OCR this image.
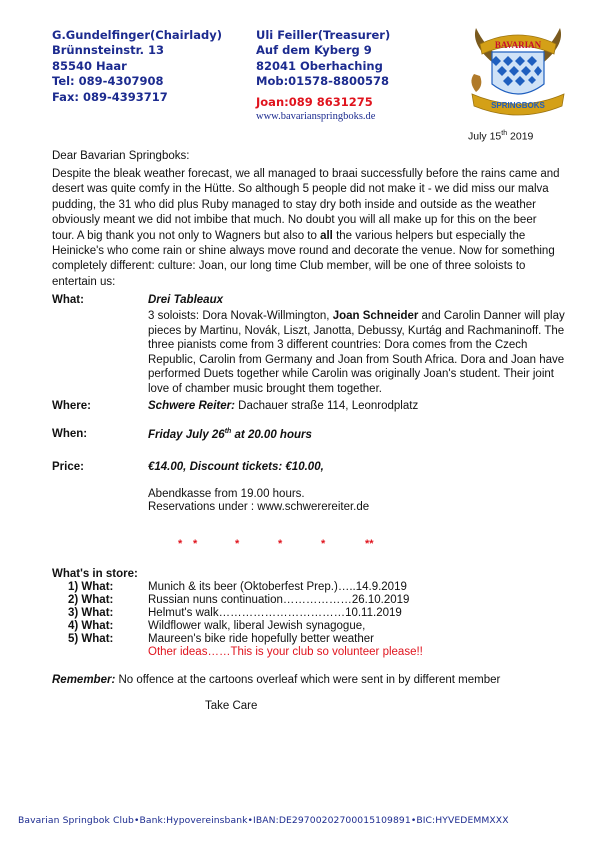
G.Gundelfinger(Chairlady)
Brünnsteinstr. 13
85540 Haar
Tel: 089-4307908
Fax: 089-4393717
Uli Feiller(Treasurer)
Auf dem Kyberg 9
82041 Oberhaching
Mob:01578-8800578
Joan:089 8631275
www.bavarianspringboks.de
BAVARIAN
SPRINGBOKS
July 15th 2019
Dear Bavarian Springboks:
Despite the bleak weather forecast, we all managed to braai successfully before the rains came and desert was quite comfy in the Hütte. So although 5 people did not make it - we did miss our malva pudding, the 31 who did plus Ruby managed to stay dry both inside and outside as the weather obviously meant we did not imbibe that much. No doubt you will all make up for this on the beer tour. A big thank you not only to Wagners but also to all the various helpers but especially the Heinicke's who come rain or shine always move round and decorate the venue. Now for something completely different: culture: Joan, our long time Club member, will be one of three soloists to entertain us:
What:	Drei Tableaux
3 soloists: Dora Novak-Willmington, Joan Schneider and Carolin Danner will play pieces by Martinu, Novák, Liszt, Janotta, Debussy, Kurtág and Rachmaninoff. The three pianists come from 3 different countries: Dora comes from the Czech Republic, Carolin from Germany and Joan from South Africa. Dora and Joan have performed Duets together while Carolin was originally Joan's student. Their joint love of chamber music brought them together.
Where:	Schwere Reiter: Dachauer straße 114, Leonrodplatz
When:	Friday July 26th at 20.00 hours
Price:	€14.00, Discount tickets: €10.00,
Abendkasse from 19.00 hours.
Reservations under : www.schwerereiter.de
* *	*	*	*	**
What's in store:
1) What:	Munich & its beer (Oktoberfest Prep.)…..14.9.2019
2) What:	Russian nuns continuation………………26.10.2019
3) What:	Helmut's walk……………………………10.11.2019
4) What:	Wildflower walk, liberal Jewish synagogue,
5) What:	Maureen's bike ride hopefully better weather
Other ideas……This is your club so volunteer please!!
Remember: No offence at the cartoons overleaf which were sent in by different member
Take Care
Bavarian Springbok Club•Bank:Hypovereinsbank•IBAN:DE29700202700015109891•BIC:HYVEDEMMXXX
